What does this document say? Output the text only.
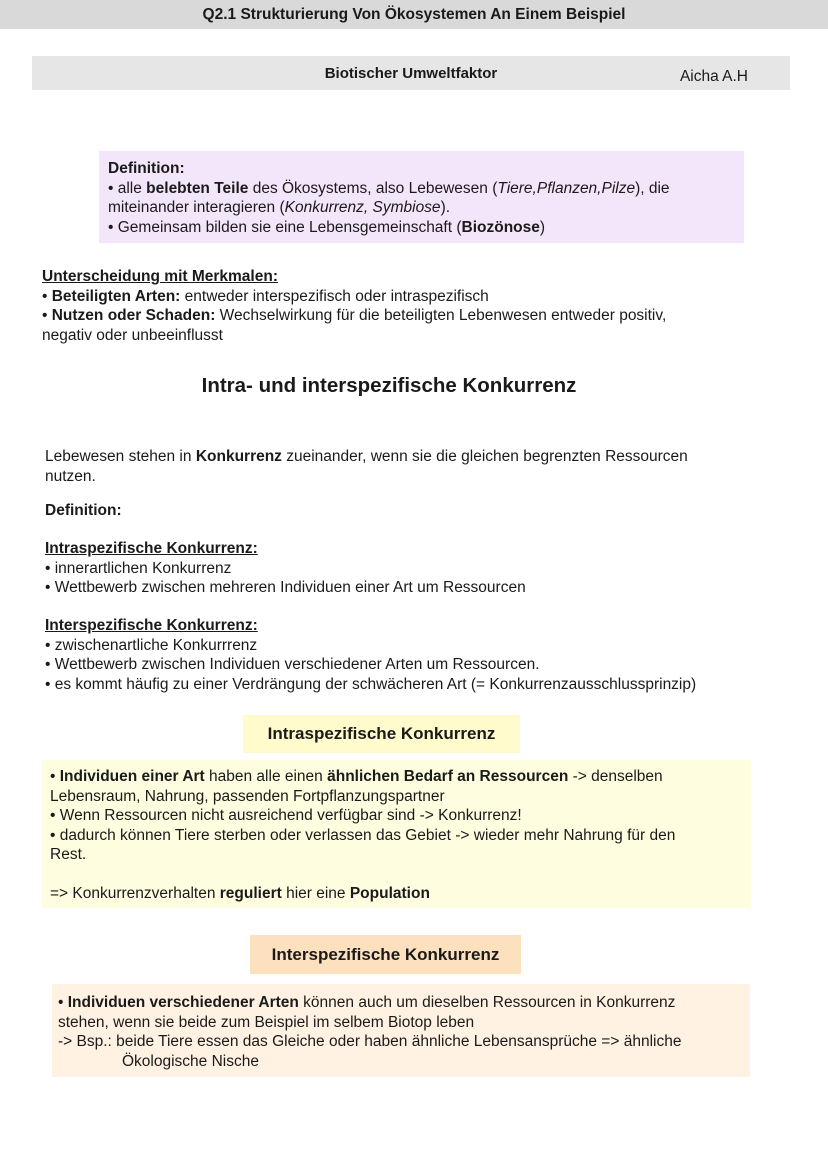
Q2.1 Strukturierung Von Ökosystemen An Einem Beispiel
Biotischer Umweltfaktor	Aicha A.H
Definition:
• alle belebten Teile des Ökosystems, also Lebewesen (Tiere,Pflanzen,Pilze), die
miteinander interagieren (Konkurrenz, Symbiose).
• Gemeinsam bilden sie eine Lebensgemeinschaft (Biozönose)
Unterscheidung mit Merkmalen:
• Beteiligten Arten: entweder interspezifisch oder intraspezifisch
• Nutzen oder Schaden: Wechselwirkung für die beteiligten Lebenwesen entweder positiv,
negativ oder unbeeinflusst
Intra- und interspezifische Konkurrenz
Lebewesen stehen in Konkurrenz zueinander, wenn sie die gleichen begrenzten Ressourcen
nutzen.
Definition:
Intraspezifische Konkurrenz:
• innerartlichen Konkurrenz
• Wettbewerb zwischen mehreren Individuen einer Art um Ressourcen
Interspezifische Konkurrenz:
• zwischenartliche Konkurrrenz
• Wettbewerb zwischen Individuen verschiedener Arten um Ressourcen.
• es kommt häufig zu einer Verdrängung der schwächeren Art (= Konkurrenzausschlussprinzip)
Intraspezifische Konkurrenz
• Individuen einer Art haben alle einen ähnlichen Bedarf an Ressourcen -> denselben
Lebensraum, Nahrung, passenden Fortpflanzungspartner
• Wenn Ressourcen nicht ausreichend verfügbar sind -> Konkurrenz!
• dadurch können Tiere sterben oder verlassen das Gebiet -> wieder mehr Nahrung für den
Rest.
=> Konkurrenzverhalten reguliert hier eine Population
Interspezifische Konkurrenz
• Individuen verschiedener Arten können auch um dieselben Ressourcen in Konkurrenz
stehen, wenn sie beide zum Beispiel im selbem Biotop leben
-> Bsp.: beide Tiere essen das Gleiche oder haben ähnliche Lebensansprüche => ähnliche
Ökologische Nische
